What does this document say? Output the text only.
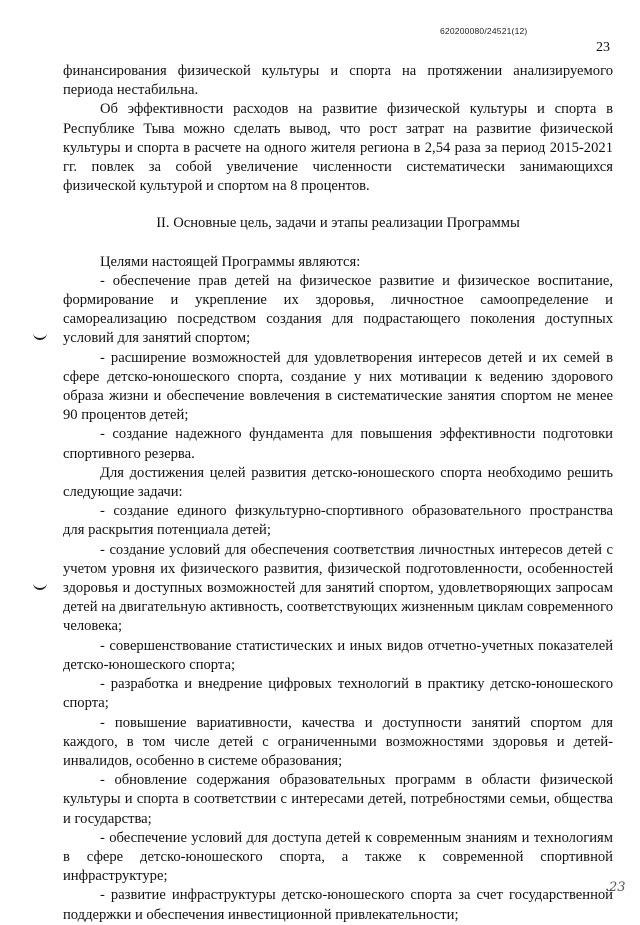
620200080/24521(12)
23

финансирования физической культуры и спорта на протяжении анализируемого периода нестабильна.

Об эффективности расходов на развитие физической культуры и спорта в Республике Тыва можно сделать вывод, что рост затрат на развитие физической культуры и спорта в расчете на одного жителя региона в 2,54 раза за период 2015-2021 гг. повлек за собой увеличение численности систематически занимающихся физической культурой и спортом на 8 процентов.

II. Основные цель, задачи и этапы реализации Программы

Целями настоящей Программы являются:

- обеспечение прав детей на физическое развитие и физическое воспитание, формирование и укрепление их здоровья, личностное самоопределение и самореализацию посредством создания для подрастающего поколения доступных условий для занятий спортом;

- расширение возможностей для удовлетворения интересов детей и их семей в сфере детско-юношеского спорта, создание у них мотивации к ведению здорового образа жизни и обеспечение вовлечения в систематические занятия спортом не менее 90 процентов детей;

- создание надежного фундамента для повышения эффективности подготовки спортивного резерва.

Для достижения целей развития детско-юношеского спорта необходимо решить следующие задачи:

- создание единого физкультурно-спортивного образовательного пространства для раскрытия потенциала детей;

- создание условий для обеспечения соответствия личностных интересов детей с учетом уровня их физического развития, физической подготовленности, особенностей здоровья и доступных возможностей для занятий спортом, удовлетворяющих запросам детей на двигательную активность, соответствующих жизненным циклам современного человека;

- совершенствование статистических и иных видов отчетно-учетных показателей детско-юношеского спорта;

- разработка и внедрение цифровых технологий в практику детско-юношеского спорта;

- повышение вариативности, качества и доступности занятий спортом для каждого, в том числе детей с ограниченными возможностями здоровья и детей-инвалидов, особенно в системе образования;

- обновление содержания образовательных программ в области физической культуры и спорта в соответствии с интересами детей, потребностями семьи, общества и государства;

- обеспечение условий для доступа детей к современным знаниям и технологиям в сфере детско-юношеского спорта, а также к современной спортивной инфраструктуре;

- развитие инфраструктуры детско-юношеского спорта за счет государственной поддержки и обеспечения инвестиционной привлекательности;

23
